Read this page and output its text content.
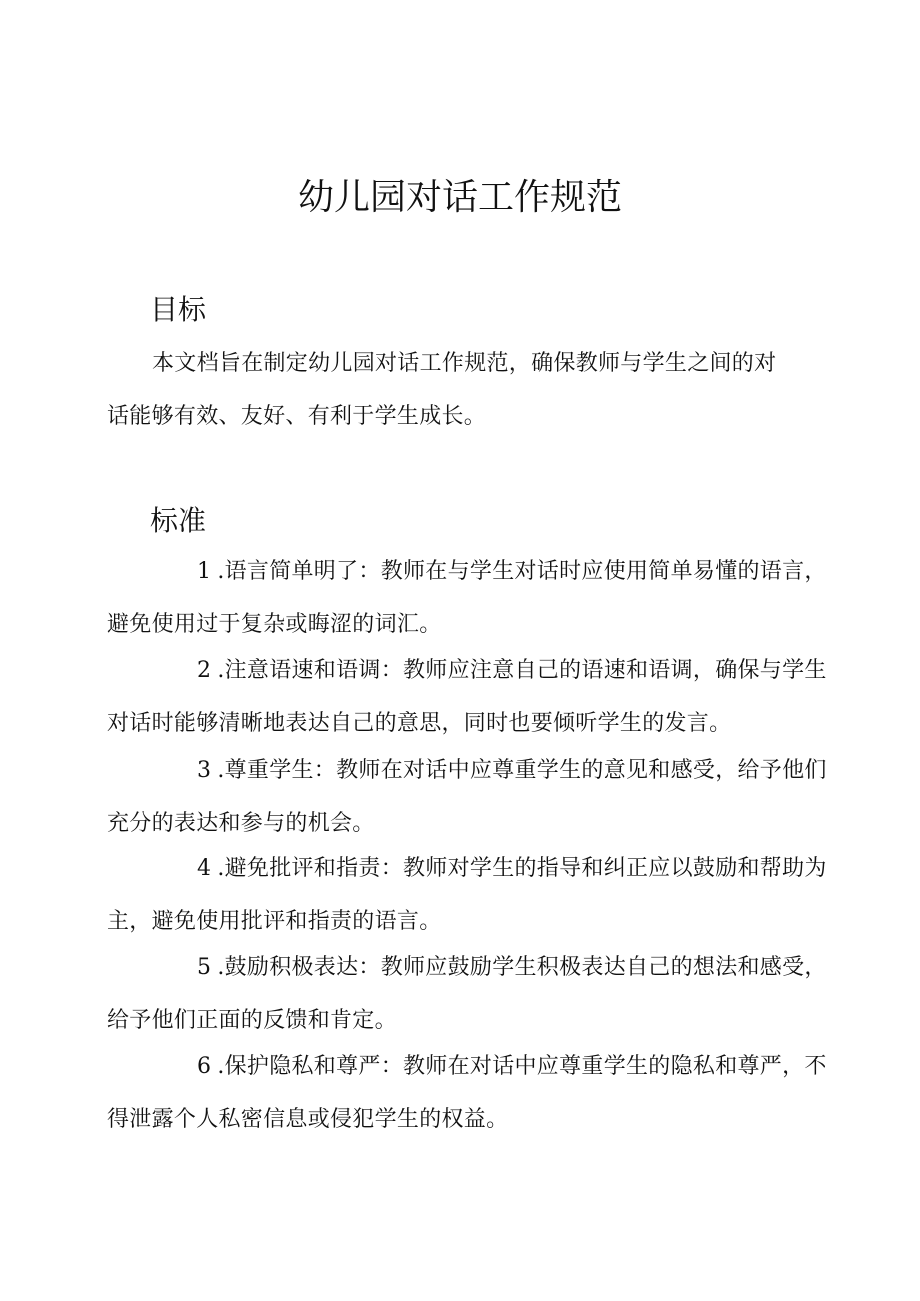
幼儿园对话工作规范
目标

本文档旨在制定幼儿园对话工作规范，确保教师与学生之间的对
话能够有效、友好、有利于学生成长。

标准

1 .语言简单明了：教师在与学生对话时应使用简单易懂的语言，
避免使用过于复杂或晦涩的词汇。

2 .注意语速和语调：教师应注意自己的语速和语调，确保与学生
对话时能够清晰地表达自己的意思，同时也要倾听学生的发言。

3 .尊重学生：教师在对话中应尊重学生的意见和感受，给予他们
充分的表达和参与的机会。

4 .避免批评和指责：教师对学生的指导和纠正应以鼓励和帮助为
主，避免使用批评和指责的语言。

5 .鼓励积极表达：教师应鼓励学生积极表达自己的想法和感受，
给予他们正面的反馈和肯定。

6 .保护隐私和尊严：教师在对话中应尊重学生的隐私和尊严，不
得泄露个人私密信息或侵犯学生的权益。
